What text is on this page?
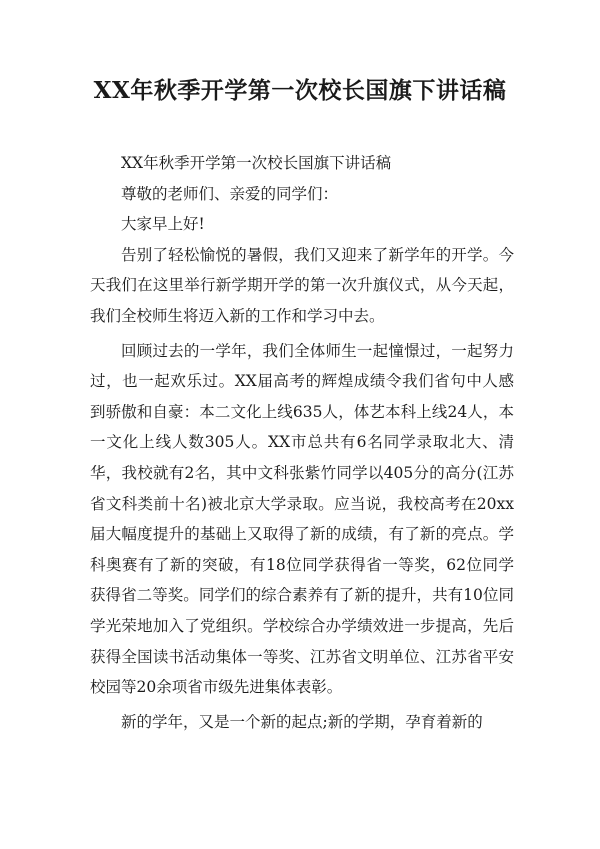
XX年秋季开学第一次校长国旗下讲话稿

XX年秋季开学第一次校长国旗下讲话稿

尊敬的老师们、亲爱的同学们：

大家早上好!

告别了轻松愉悦的暑假，我们又迎来了新学年的开学。今天我们在这里举行新学期开学的第一次升旗仪式，从今天起，我们全校师生将迈入新的工作和学习中去。

回顾过去的一学年，我们全体师生一起憧憬过，一起努力过，也一起欢乐过。XX届高考的辉煌成绩令我们省句中人感到骄傲和自豪：本二文化上线635人，体艺本科上线24人，本一文化上线人数305人。XX市总共有6名同学录取北大、清华，我校就有2名，其中文科张紫竹同学以405分的高分(江苏省文科类前十名)被北京大学录取。应当说，我校高考在20xx届大幅度提升的基础上又取得了新的成绩，有了新的亮点。学科奥赛有了新的突破，有18位同学获得省一等奖，62位同学获得省二等奖。同学们的综合素养有了新的提升，共有10位同学光荣地加入了党组织。学校综合办学绩效进一步提高，先后获得全国读书活动集体一等奖、江苏省文明单位、江苏省平安校园等20余项省市级先进集体表彰。

新的学年，又是一个新的起点;新的学期，孕育着新的
